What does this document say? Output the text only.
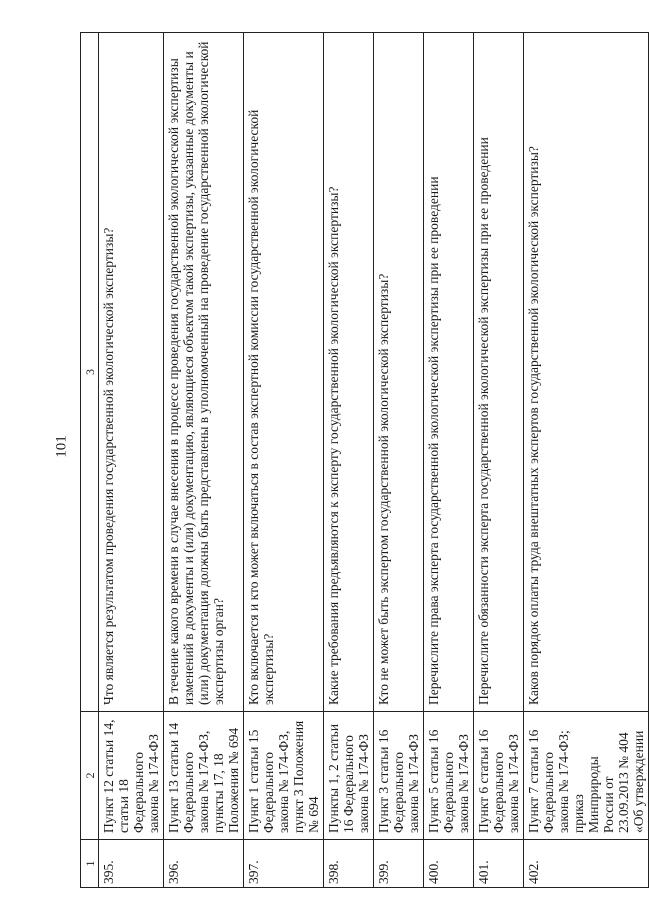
101
1	2	3
395.	Пункт 12 статьи 14, статьи 18 Федерального закона № 174-ФЗ	Что является результатом проведения государственной экологической экспертизы?
396.	Пункт 13 статьи 14 Федерального закона № 174-ФЗ, пункты 17, 18 Положения № 694	В течение какого времени в случае внесения в процессе проведения государственной экологической экспертизы изменений в документы и (или) документацию, являющиеся объектом такой экспертизы, указанные документы и (или) документация должны быть представлены в уполномоченный на проведение государственной экологической экспертизы орган?
397.	Пункт 1 статьи 15 Федерального закона № 174-ФЗ, пункт 3 Положения № 694	Кто включается и кто может включаться в состав экспертной комиссии государственной экологической экспертизы?
398.	Пункты 1, 2 статьи 16 Федерального закона № 174-ФЗ	Какие требования предъявляются к эксперту государственной экологической экспертизы?
399.	Пункт 3 статьи 16 Федерального закона № 174-ФЗ	Кто не может быть экспертом государственной экологической экспертизы?
400.	Пункт 5 статьи 16 Федерального закона № 174-ФЗ	Перечислите права эксперта государственной экологической экспертизы при ее проведении
401.	Пункт 6 статьи 16 Федерального закона № 174-ФЗ	Перечислите обязанности эксперта государственной экологической экспертизы при ее проведении
402.	Пункт 7 статьи 16 Федерального закона № 174-ФЗ; приказ Минприроды России от 23.09.2013 № 404 «Об утверждении	Каков порядок оплаты труда внештатных экспертов государственной экологической экспертизы?
